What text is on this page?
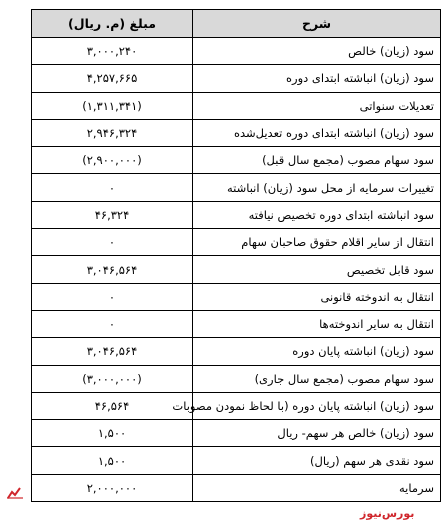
شرح	مبلغ (م. ریال)
سود (زیان) خالص	۳,۰۰۰,۲۴۰
سود (زیان) انباشته ابتدای دوره	۴,۲۵۷,۶۶۵
تعدیلات سنواتی	(۱,۳۱۱,۳۴۱)
سود (زیان) انباشته ابتدای دوره تعدیل‌شده	۲,۹۴۶,۳۲۴
سود سهام مصوب (مجمع سال قبل)	(۲,۹۰۰,۰۰۰)
تغییرات سرمایه از محل سود (زیان) انباشته	۰
سود انباشته ابتدای دوره تخصیص نیافته	۴۶,۳۲۴
انتقال از سایر اقلام حقوق صاحبان سهام	۰
سود قابل تخصیص	۳,۰۴۶,۵۶۴
انتقال به اندوخته قانونی	۰
انتقال به سایر اندوخته‌ها	۰
سود (زیان) انباشته پایان دوره	۳,۰۴۶,۵۶۴
سود سهام مصوب (مجمع سال جاری)	(۳,۰۰۰,۰۰۰)
سود (زیان) انباشته پایان دوره (با لحاظ نمودن مصوبات	۴۶,۵۶۴
سود (زیان) خالص هر سهم- ریال	۱,۵۰۰
سود نقدی هر سهم (ریال)	۱,۵۰۰
سرمایه	۲,۰۰۰,۰۰۰
بورس‌نیوز
